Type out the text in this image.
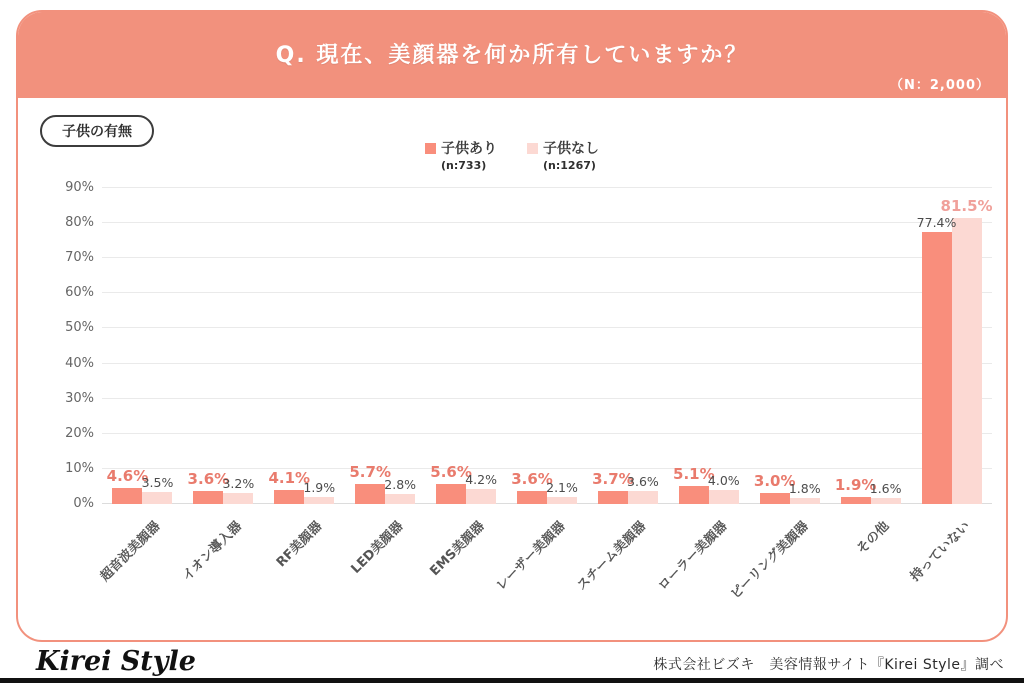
Q. 現在、美顔器を何か所有していますか？
（N：2,000）
子供の有無
子供あり
(n:733)
子供なし
(n:1267)
0%
10%
20%
30%
40%
50%
60%
70%
80%
90%
4.6%
3.5%
超音波美顔器
3.6%
3.2%
イオン導入器
4.1%
1.9%
RF美顔器
5.7%
2.8%
LED美顔器
5.6%
4.2%
EMS美顔器
3.6%
2.1%
レーザー美顔器
3.7%
3.6%
スチーム美顔器
5.1%
4.0%
ローラー美顔器
3.0%
1.8%
ピーリング美顔器
1.9%
1.6%
その他
77.4%
81.5%
持っていない
Kirei Style	株式会社ビズキ　美容情報サイト『Kirei Style』調べ
